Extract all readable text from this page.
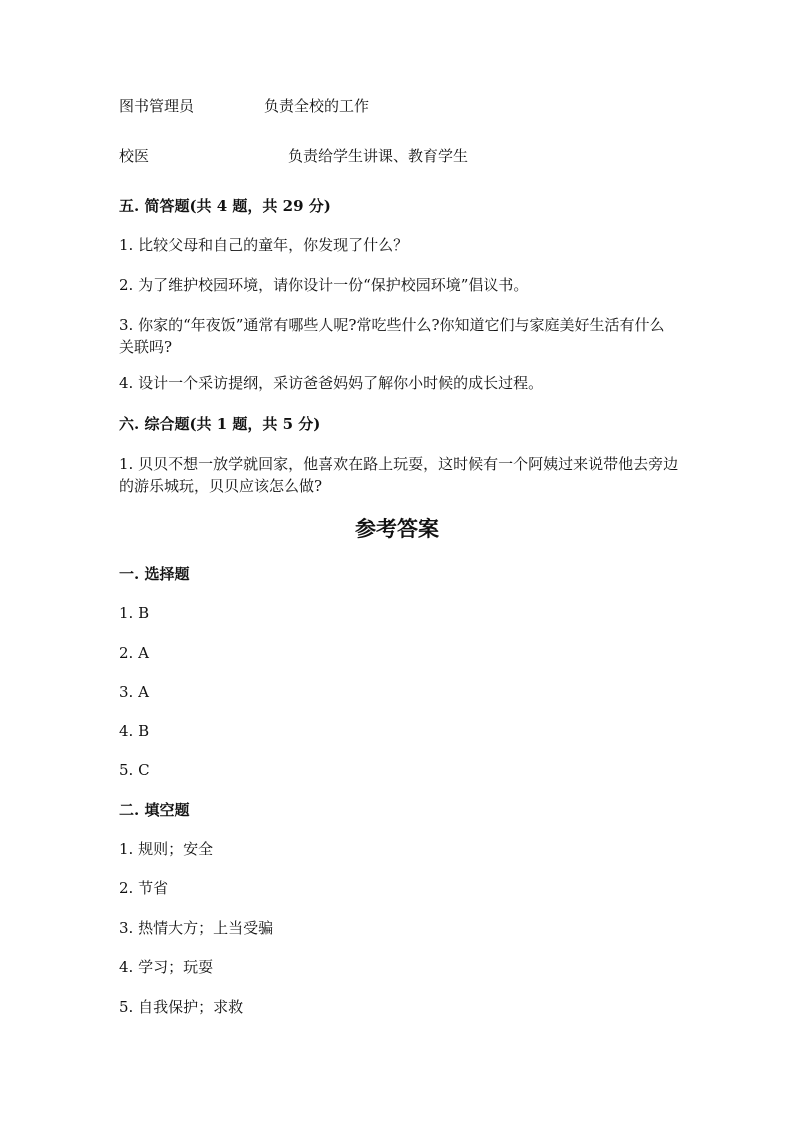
图书管理员	负责全校的工作
校医	负责给学生讲课、教育学生
五. 简答题(共 4 题，共 29 分)
1. 比较父母和自己的童年，你发现了什么？
2. 为了维护校园环境，请你设计一份“保护校园环境”倡议书。
3. 你家的“年夜饭”通常有哪些人呢?常吃些什么?你知道它们与家庭美好生活有什么关联吗?
4. 设计一个采访提纲，采访爸爸妈妈了解你小时候的成长过程。
六. 综合题(共 1 题，共 5 分)
1. 贝贝不想一放学就回家，他喜欢在路上玩耍，这时候有一个阿姨过来说带他去旁边的游乐城玩，贝贝应该怎么做?
参考答案
一. 选择题
1. B
2. A
3. A
4. B
5. C
二. 填空题
1. 规则；安全
2. 节省
3. 热情大方；上当受骗
4. 学习；玩耍
5. 自我保护；求救
